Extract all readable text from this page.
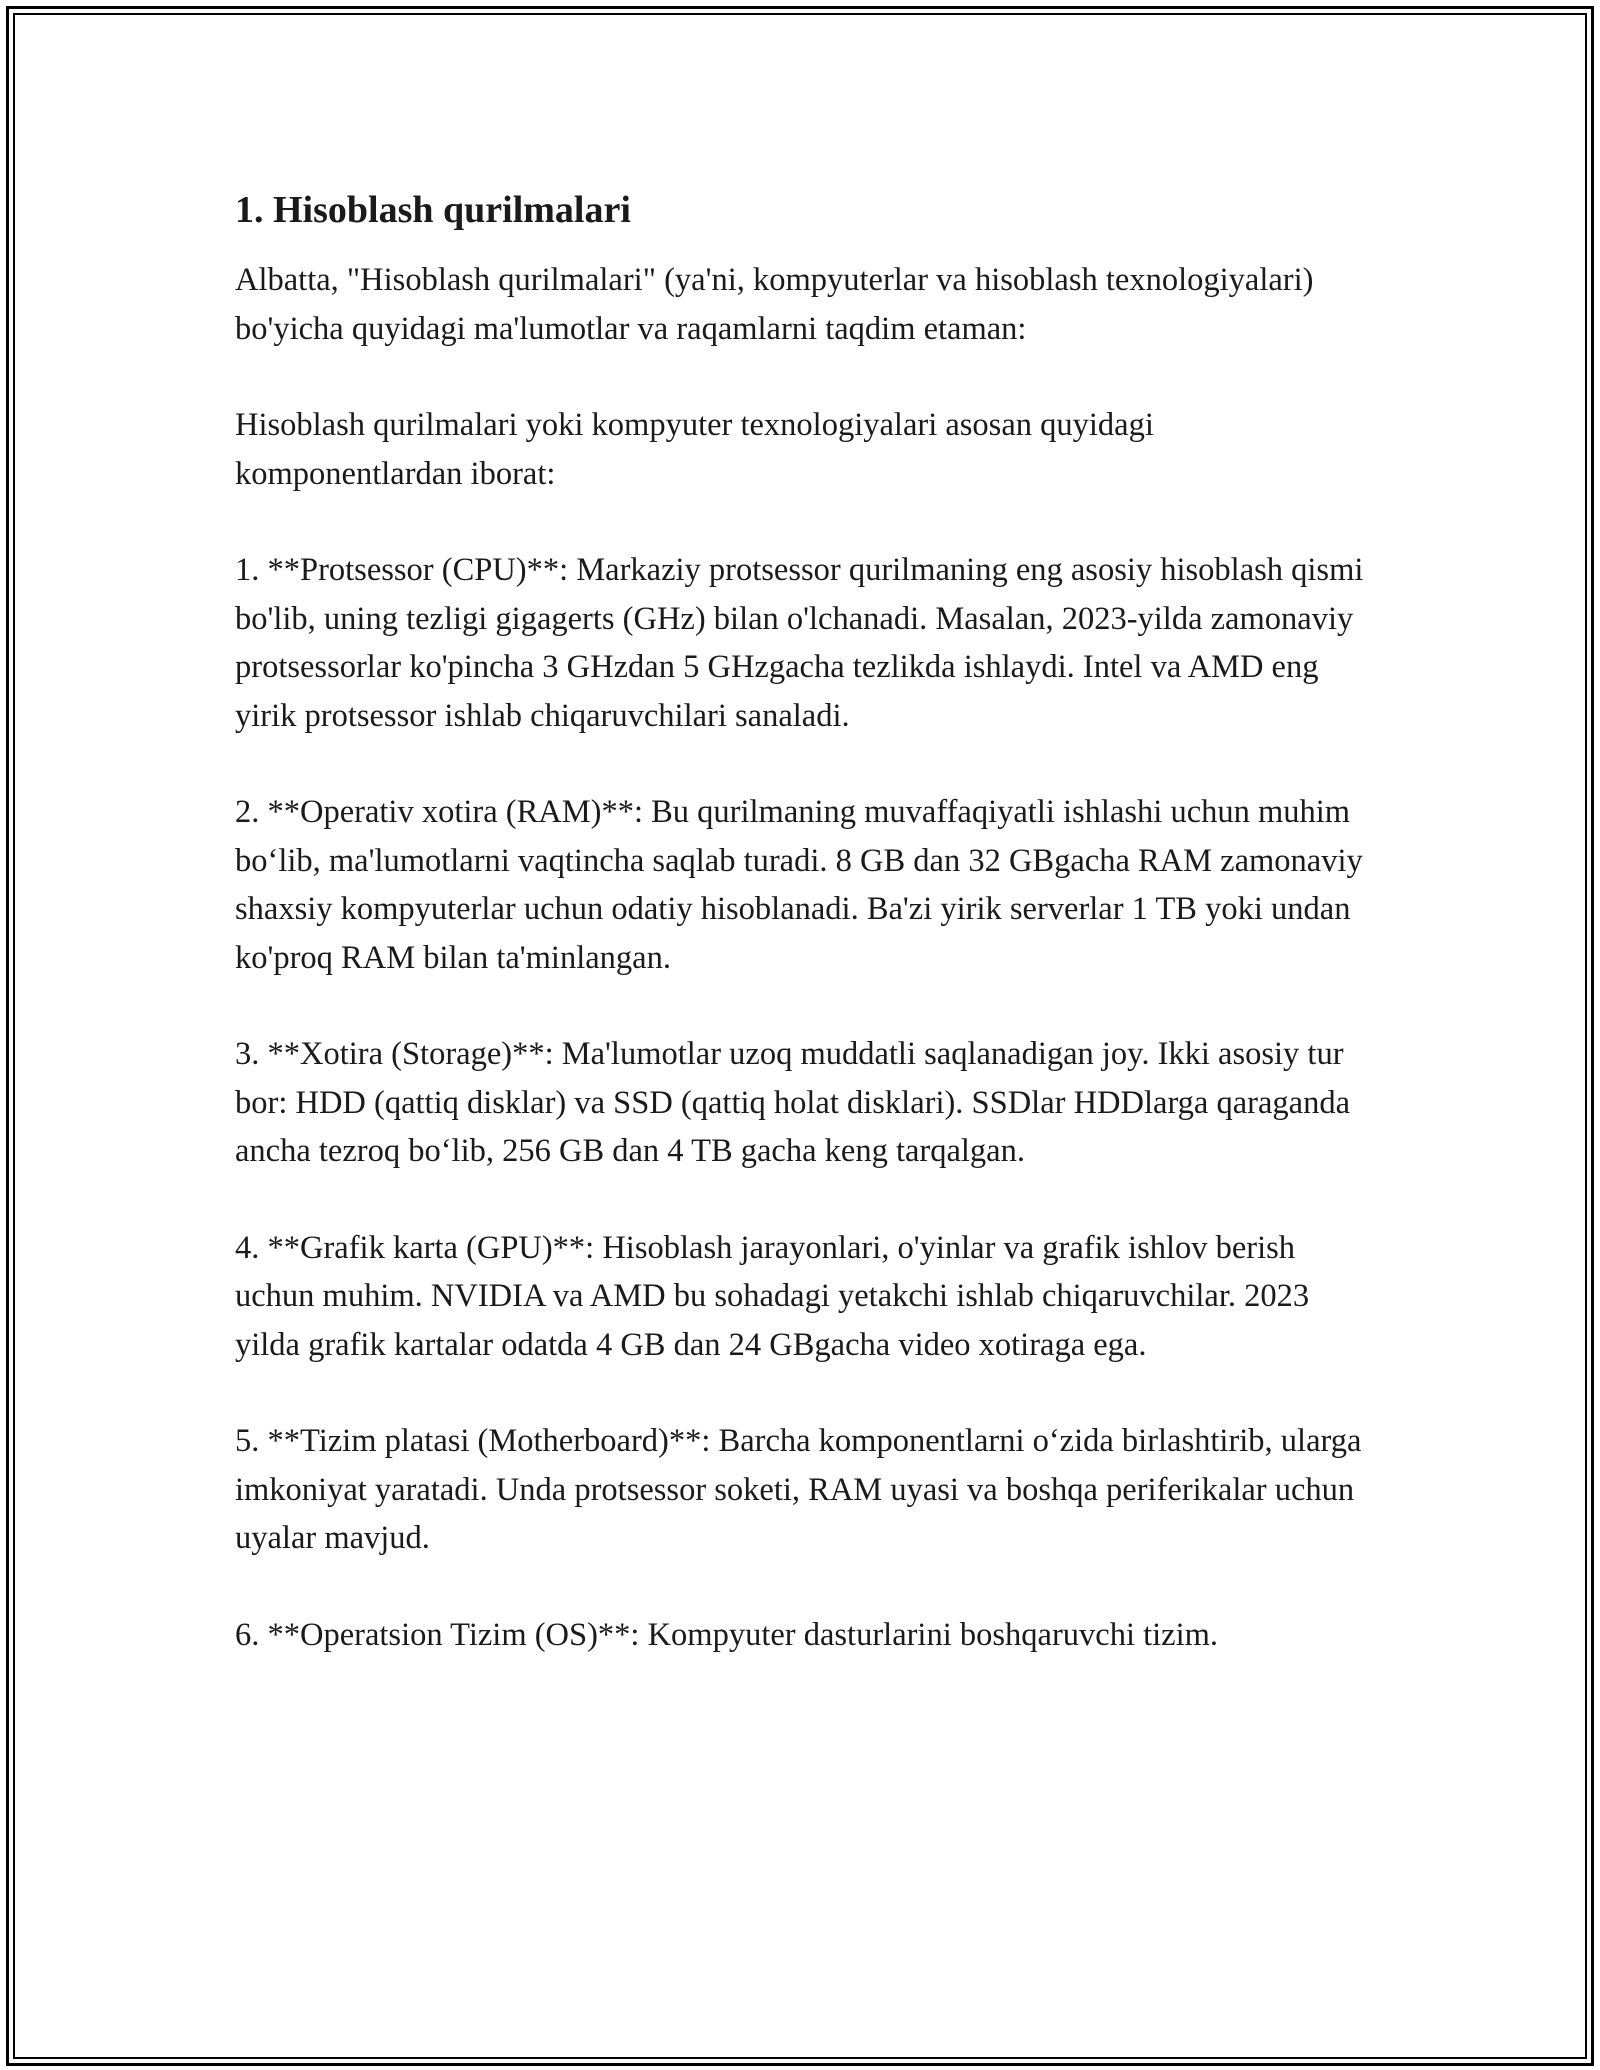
1. Hisoblash qurilmalari

Albatta, "Hisoblash qurilmalari" (ya'ni, kompyuterlar va hisoblash texnologiyalari) bo'yicha quyidagi ma'lumotlar va raqamlarni taqdim etaman:

Hisoblash qurilmalari yoki kompyuter texnologiyalari asosan quyidagi komponentlardan iborat:

1. **Protsessor (CPU)**: Markaziy protsessor qurilmaning eng asosiy hisoblash qismi bo'lib, uning tezligi gigagerts (GHz) bilan o'lchanadi. Masalan, 2023-yilda zamonaviy protsessorlar ko'pincha 3 GHzdan 5 GHzgacha tezlikda ishlaydi. Intel va AMD eng yirik protsessor ishlab chiqaruvchilari sanaladi.

2. **Operativ xotira (RAM)**: Bu qurilmaning muvaffaqiyatli ishlashi uchun muhim bo‘lib, ma'lumotlarni vaqtincha saqlab turadi. 8 GB dan 32 GBgacha RAM zamonaviy shaxsiy kompyuterlar uchun odatiy hisoblanadi. Ba'zi yirik serverlar 1 TB yoki undan ko'proq RAM bilan ta'minlangan.

3. **Xotira (Storage)**: Ma'lumotlar uzoq muddatli saqlanadigan joy. Ikki asosiy tur bor: HDD (qattiq disklar) va SSD (qattiq holat disklari). SSDlar HDDlarga qaraganda ancha tezroq bo‘lib, 256 GB dan 4 TB gacha keng tarqalgan.

4. **Grafik karta (GPU)**: Hisoblash jarayonlari, o'yinlar va grafik ishlov berish uchun muhim. NVIDIA va AMD bu sohadagi yetakchi ishlab chiqaruvchilar. 2023 yilda grafik kartalar odatda 4 GB dan 24 GBgacha video xotiraga ega.

5. **Tizim platasi (Motherboard)**: Barcha komponentlarni o‘zida birlashtirib, ularga imkoniyat yaratadi. Unda protsessor soketi, RAM uyasi va boshqa periferikalar uchun uyalar mavjud.

6. **Operatsion Tizim (OS)**: Kompyuter dasturlarini boshqaruvchi tizim.
